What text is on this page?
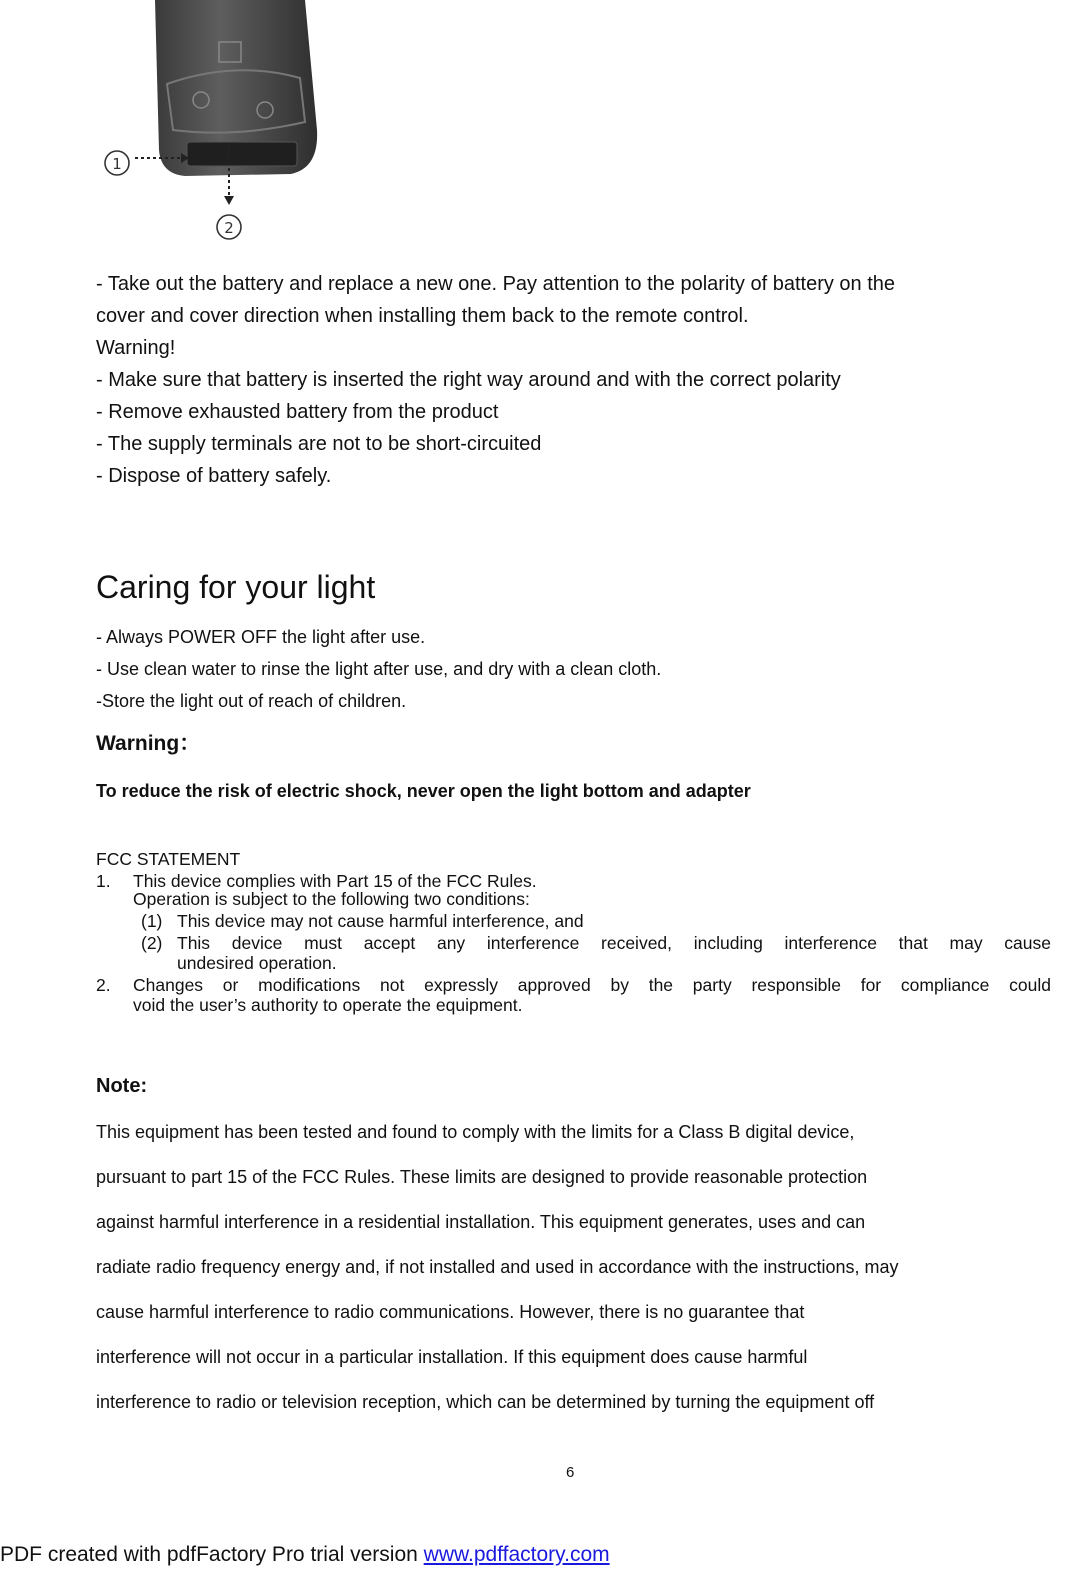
1
2
- Take out the battery and replace a new one. Pay attention to the polarity of battery on the
cover and cover direction when installing them back to the remote control.
Warning!
- Make sure that battery is inserted the right way around and with the correct polarity
- Remove exhausted battery from the product
- The supply terminals are not to be short-circuited
- Dispose of battery safely.
Caring for your light
- Always POWER OFF the light after use.
- Use clean water to rinse the light after use, and dry with a clean cloth.
-Store the light out of reach of children.
Warning：
To reduce the risk of electric shock, never open the light bottom and adapter
FCC STATEMENT
1. This device complies with Part 15 of the FCC Rules.
Operation is subject to the following two conditions:
(1) This device may not cause harmful interference, and
(2) This device must accept any interference received, including interference that may cause
undesired operation.
2. Changes or modifications not expressly approved by the party responsible for compliance could
void the user’s authority to operate the equipment.
Note:
This equipment has been tested and found to comply with the limits for a Class B digital device,
pursuant to part 15 of the FCC Rules. These limits are designed to provide reasonable protection
against harmful interference in a residential installation. This equipment generates, uses and can
radiate radio frequency energy and, if not installed and used in accordance with the instructions, may
cause harmful interference to radio communications. However, there is no guarantee that
interference will not occur in a particular installation. If this equipment does cause harmful
interference to radio or television reception, which can be determined by turning the equipment off
6
PDF created with pdfFactory Pro trial version www.pdffactory.com
